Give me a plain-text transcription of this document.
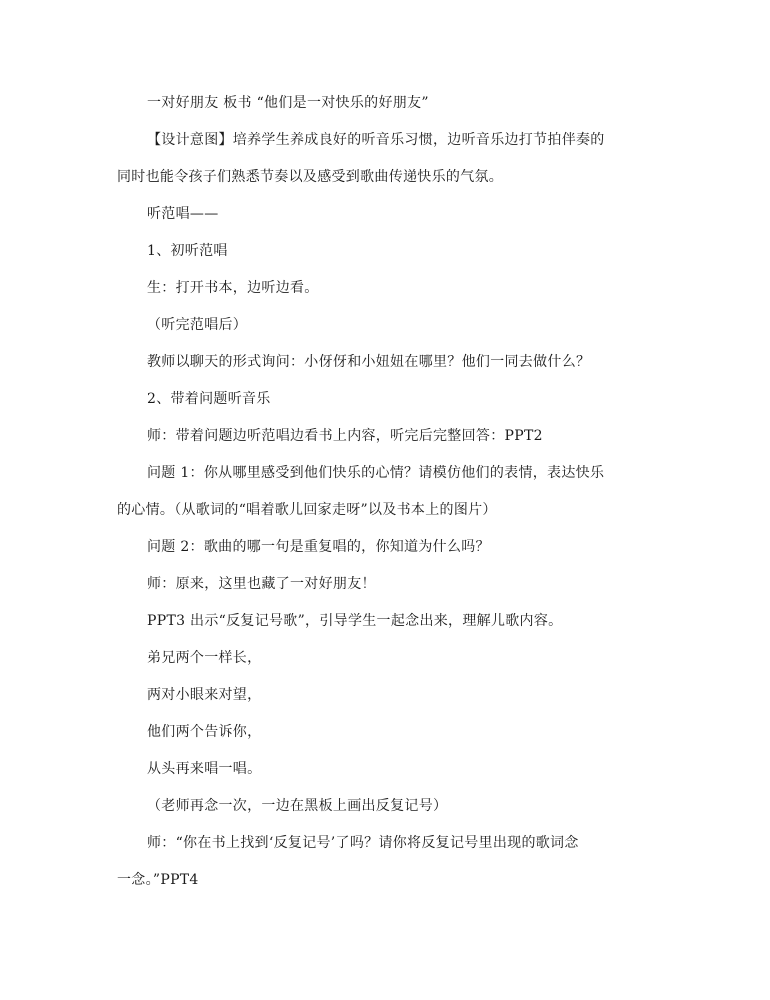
一对好朋友 板书 “他们是一对快乐的好朋友”
【设计意图】培养学生养成良好的听音乐习惯，边听音乐边打节拍伴奏的
同时也能令孩子们熟悉节奏以及感受到歌曲传递快乐的气氛。
听范唱——
1、初听范唱
生：打开书本，边听边看。
（听完范唱后）
教师以聊天的形式询问：小伢伢和小妞妞在哪里？他们一同去做什么？
2、带着问题听音乐
师：带着问题边听范唱边看书上内容，听完后完整回答：PPT2
问题 1：你从哪里感受到他们快乐的心情？请模仿他们的表情，表达快乐
的心情。（从歌词的“唱着歌儿回家走呀”以及书本上的图片）
问题 2：歌曲的哪一句是重复唱的，你知道为什么吗？
师：原来，这里也藏了一对好朋友！
PPT3 出示“反复记号歌”，引导学生一起念出来，理解儿歌内容。
弟兄两个一样长，
两对小眼来对望，
他们两个告诉你，
从头再来唱一唱。
（老师再念一次，一边在黑板上画出反复记号）
师：“你在书上找到‘反复记号’了吗？请你将反复记号里出现的歌词念
一念。”PPT4
